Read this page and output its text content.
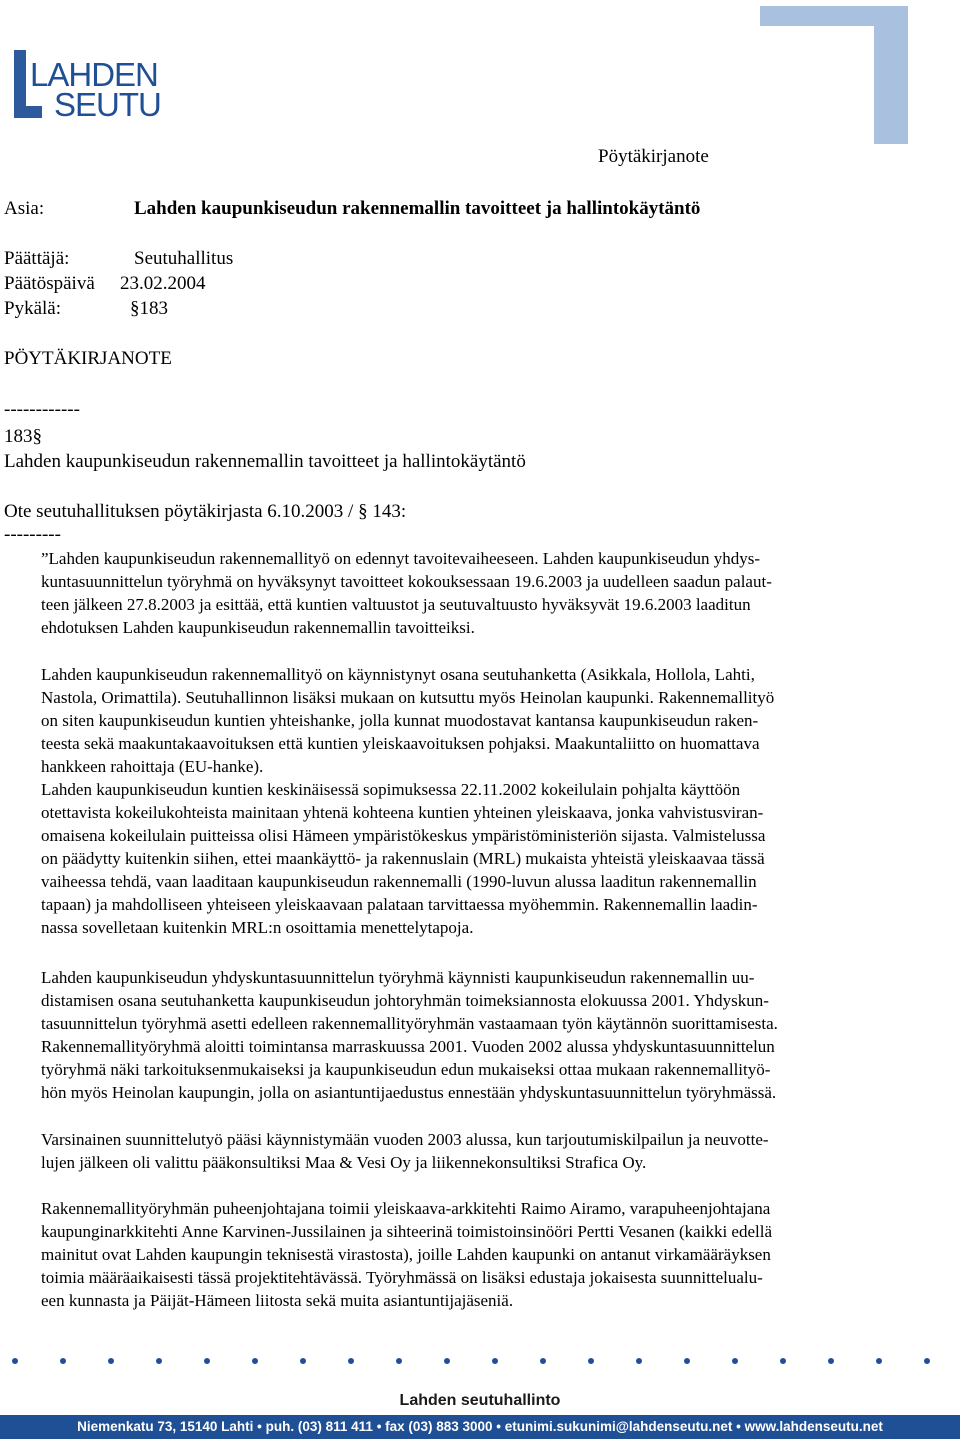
LAHDEN
SEUTU
Pöytäkirjanote
Asia:	Lahden kaupunkiseudun rakennemallin tavoitteet ja hallintokäytäntö
Päättäjä:	Seutuhallitus
Päätöspäivä 23.02.2004
Pykälä:	§183
PÖYTÄKIRJANOTE
------------
183§
Lahden kaupunkiseudun rakennemallin tavoitteet ja hallintokäytäntö
Ote seutuhallituksen pöytäkirjasta 6.10.2003 / § 143:
---------
”Lahden kaupunkiseudun rakennemallityö on edennyt tavoitevaiheeseen. Lahden kaupunkiseudun yhdys-
kuntasuunnittelun työryhmä on hyväksynyt tavoitteet kokouksessaan 19.6.2003 ja uudelleen saadun palaut-
teen jälkeen 27.8.2003 ja esittää, että kuntien valtuustot ja seutuvaltuusto hyväksyvät 19.6.2003 laaditun
ehdotuksen Lahden kaupunkiseudun rakennemallin tavoitteiksi.
Lahden kaupunkiseudun rakennemallityö on käynnistynyt osana seutuhanketta (Asikkala, Hollola, Lahti,
Nastola, Orimattila). Seutuhallinnon lisäksi mukaan on kutsuttu myös Heinolan kaupunki. Rakennemallityö
on siten kaupunkiseudun kuntien yhteishanke, jolla kunnat muodostavat kantansa kaupunkiseudun raken-
teesta sekä maakuntakaavoituksen että kuntien yleiskaavoituksen pohjaksi. Maakuntaliitto on huomattava
hankkeen rahoittaja (EU-hanke).
Lahden kaupunkiseudun kuntien keskinäisessä sopimuksessa 22.11.2002 kokeilulain pohjalta käyttöön
otettavista kokeilukohteista mainitaan yhtenä kohteena kuntien yhteinen yleiskaava, jonka vahvistusviran-
omaisena kokeilulain puitteissa olisi Hämeen ympäristökeskus ympäristöministeriön sijasta. Valmistelussa
on päädytty kuitenkin siihen, ettei maankäyttö- ja rakennuslain (MRL) mukaista yhteistä yleiskaavaa tässä
vaiheessa tehdä, vaan laaditaan kaupunkiseudun rakennemalli (1990-luvun alussa laaditun rakennemallin
tapaan) ja mahdolliseen yhteiseen yleiskaavaan palataan tarvittaessa myöhemmin. Rakennemallin laadin-
nassa sovelletaan kuitenkin MRL:n osoittamia menettelytapoja.
Lahden kaupunkiseudun yhdyskuntasuunnittelun työryhmä käynnisti kaupunkiseudun rakennemallin uu-
distamisen osana seutuhanketta kaupunkiseudun johtoryhmän toimeksiannosta elokuussa 2001. Yhdyskun-
tasuunnittelun työryhmä asetti edelleen rakennemallityöryhmän vastaamaan työn käytännön suorittamisesta.
Rakennemallityöryhmä aloitti toimintansa marraskuussa 2001. Vuoden 2002 alussa yhdyskuntasuunnittelun
työryhmä näki tarkoituksenmukaiseksi ja kaupunkiseudun edun mukaiseksi ottaa mukaan rakennemallityö-
hön myös Heinolan kaupungin, jolla on asiantuntijaedustus ennestään yhdyskuntasuunnittelun työryhmässä.
Varsinainen suunnittelutyö pääsi käynnistymään vuoden 2003 alussa, kun tarjoutumiskilpailun ja neuvotte-
lujen jälkeen oli valittu pääkonsultiksi Maa & Vesi Oy ja liikennekonsultiksi Strafica Oy.
Rakennemallityöryhmän puheenjohtajana toimii yleiskaava-arkkitehti Raimo Airamo, varapuheenjohtajana
kaupunginarkkitehti Anne Karvinen-Jussilainen ja sihteerinä toimistoinsinööri Pertti Vesanen (kaikki edellä
mainitut ovat Lahden kaupungin teknisestä virastosta), joille Lahden kaupunki on antanut virkamääräyksen
toimia määräaikaisesti tässä projektitehtävässä. Työryhmässä on lisäksi edustaja jokaisesta suunnittelualu-
een kunnasta ja Päijät-Hämeen liitosta sekä muita asiantuntijajäseniä.
Lahden seutuhallinto
Niemenkatu 73, 15140 Lahti • puh. (03) 811 411 • fax (03) 883 3000 • etunimi.sukunimi@lahdenseutu.net • www.lahdenseutu.net
